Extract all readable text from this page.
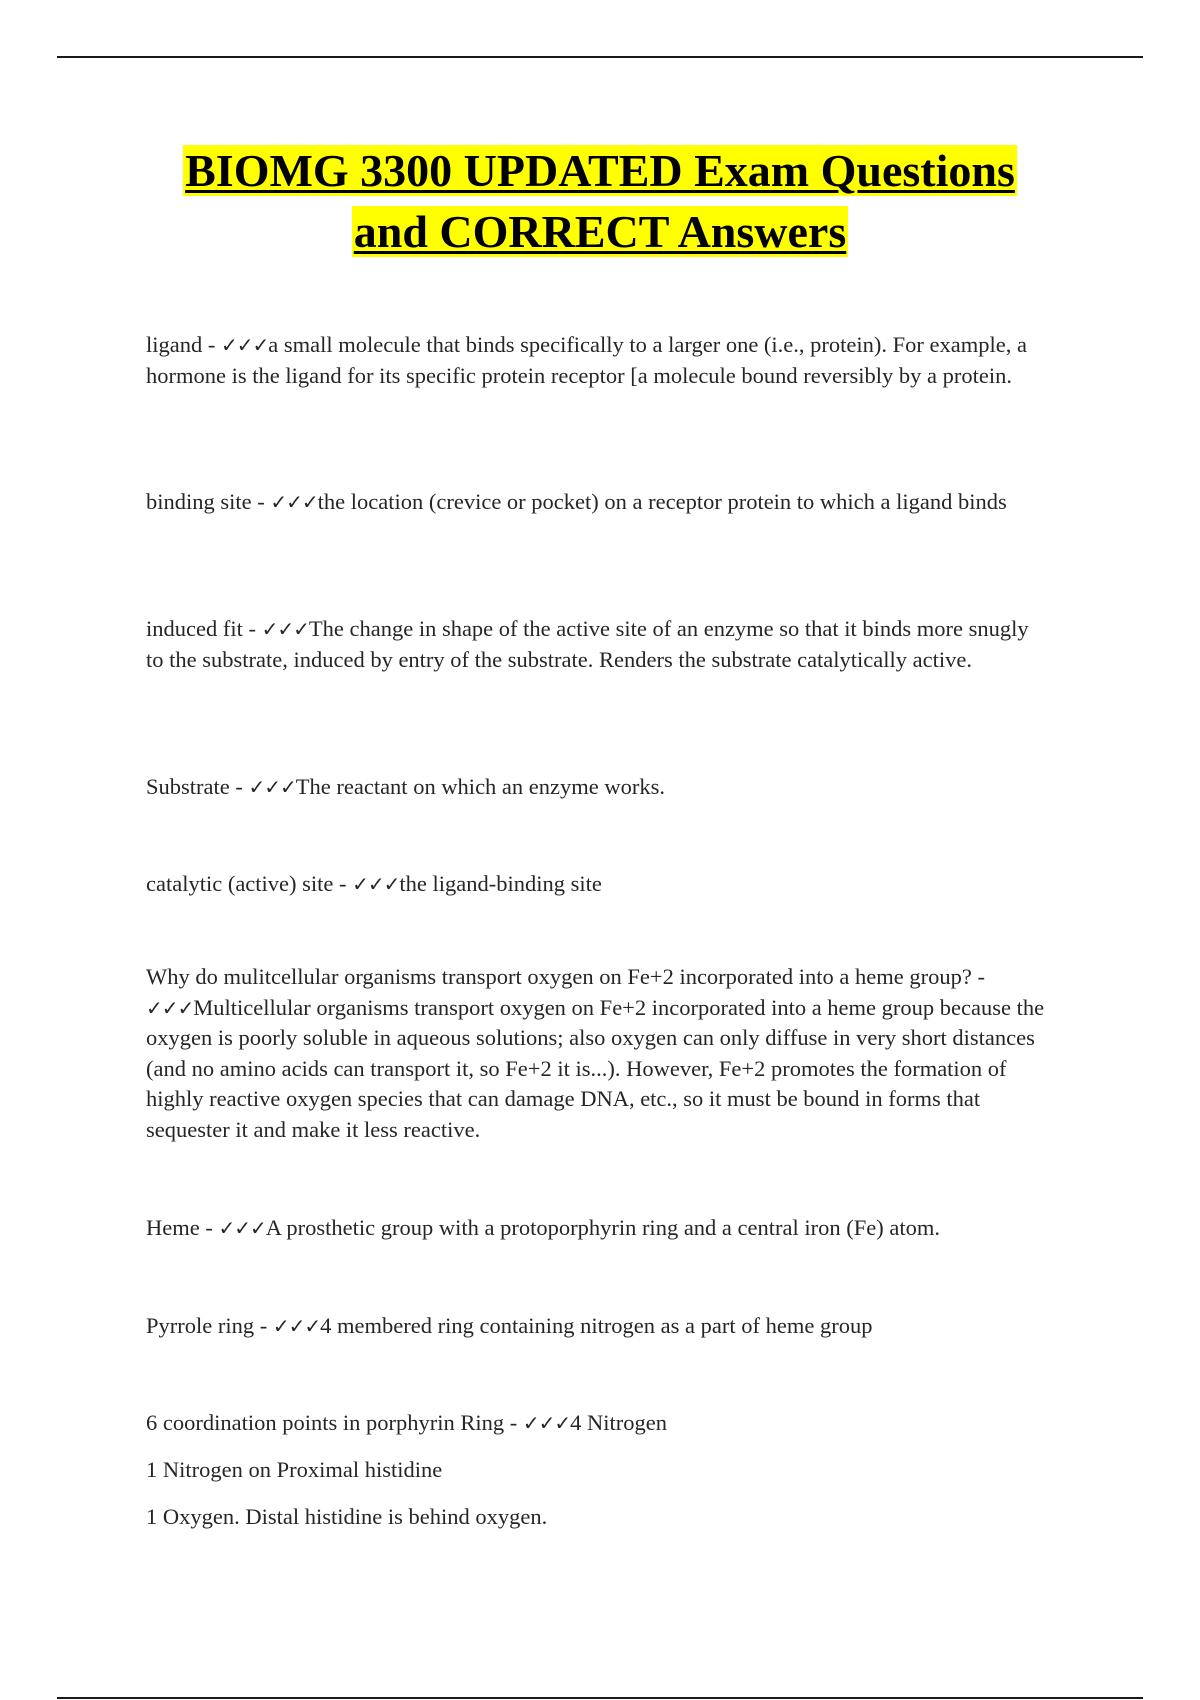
BIOMG 3300 UPDATED Exam Questions
and CORRECT Answers

ligand - ✓✓✓a small molecule that binds specifically to a larger one (i.e., protein). For example, a hormone is the ligand for its specific protein receptor [a molecule bound reversibly by a protein.

binding site - ✓✓✓the location (crevice or pocket) on a receptor protein to which a ligand binds

induced fit - ✓✓✓The change in shape of the active site of an enzyme so that it binds more snugly to the substrate, induced by entry of the substrate. Renders the substrate catalytically active.

Substrate - ✓✓✓The reactant on which an enzyme works.

catalytic (active) site - ✓✓✓the ligand-binding site

Why do mulitcellular organisms transport oxygen on Fe+2 incorporated into a heme group? - ✓✓✓Multicellular organisms transport oxygen on Fe+2 incorporated into a heme group because the oxygen is poorly soluble in aqueous solutions; also oxygen can only diffuse in very short distances (and no amino acids can transport it, so Fe+2 it is...). However, Fe+2 promotes the formation of highly reactive oxygen species that can damage DNA, etc., so it must be bound in forms that sequester it and make it less reactive.

Heme - ✓✓✓A prosthetic group with a protoporphyrin ring and a central iron (Fe) atom.

Pyrrole ring - ✓✓✓4 membered ring containing nitrogen as a part of heme group

6 coordination points in porphyrin Ring - ✓✓✓4 Nitrogen

1 Nitrogen on Proximal histidine

1 Oxygen. Distal histidine is behind oxygen.
